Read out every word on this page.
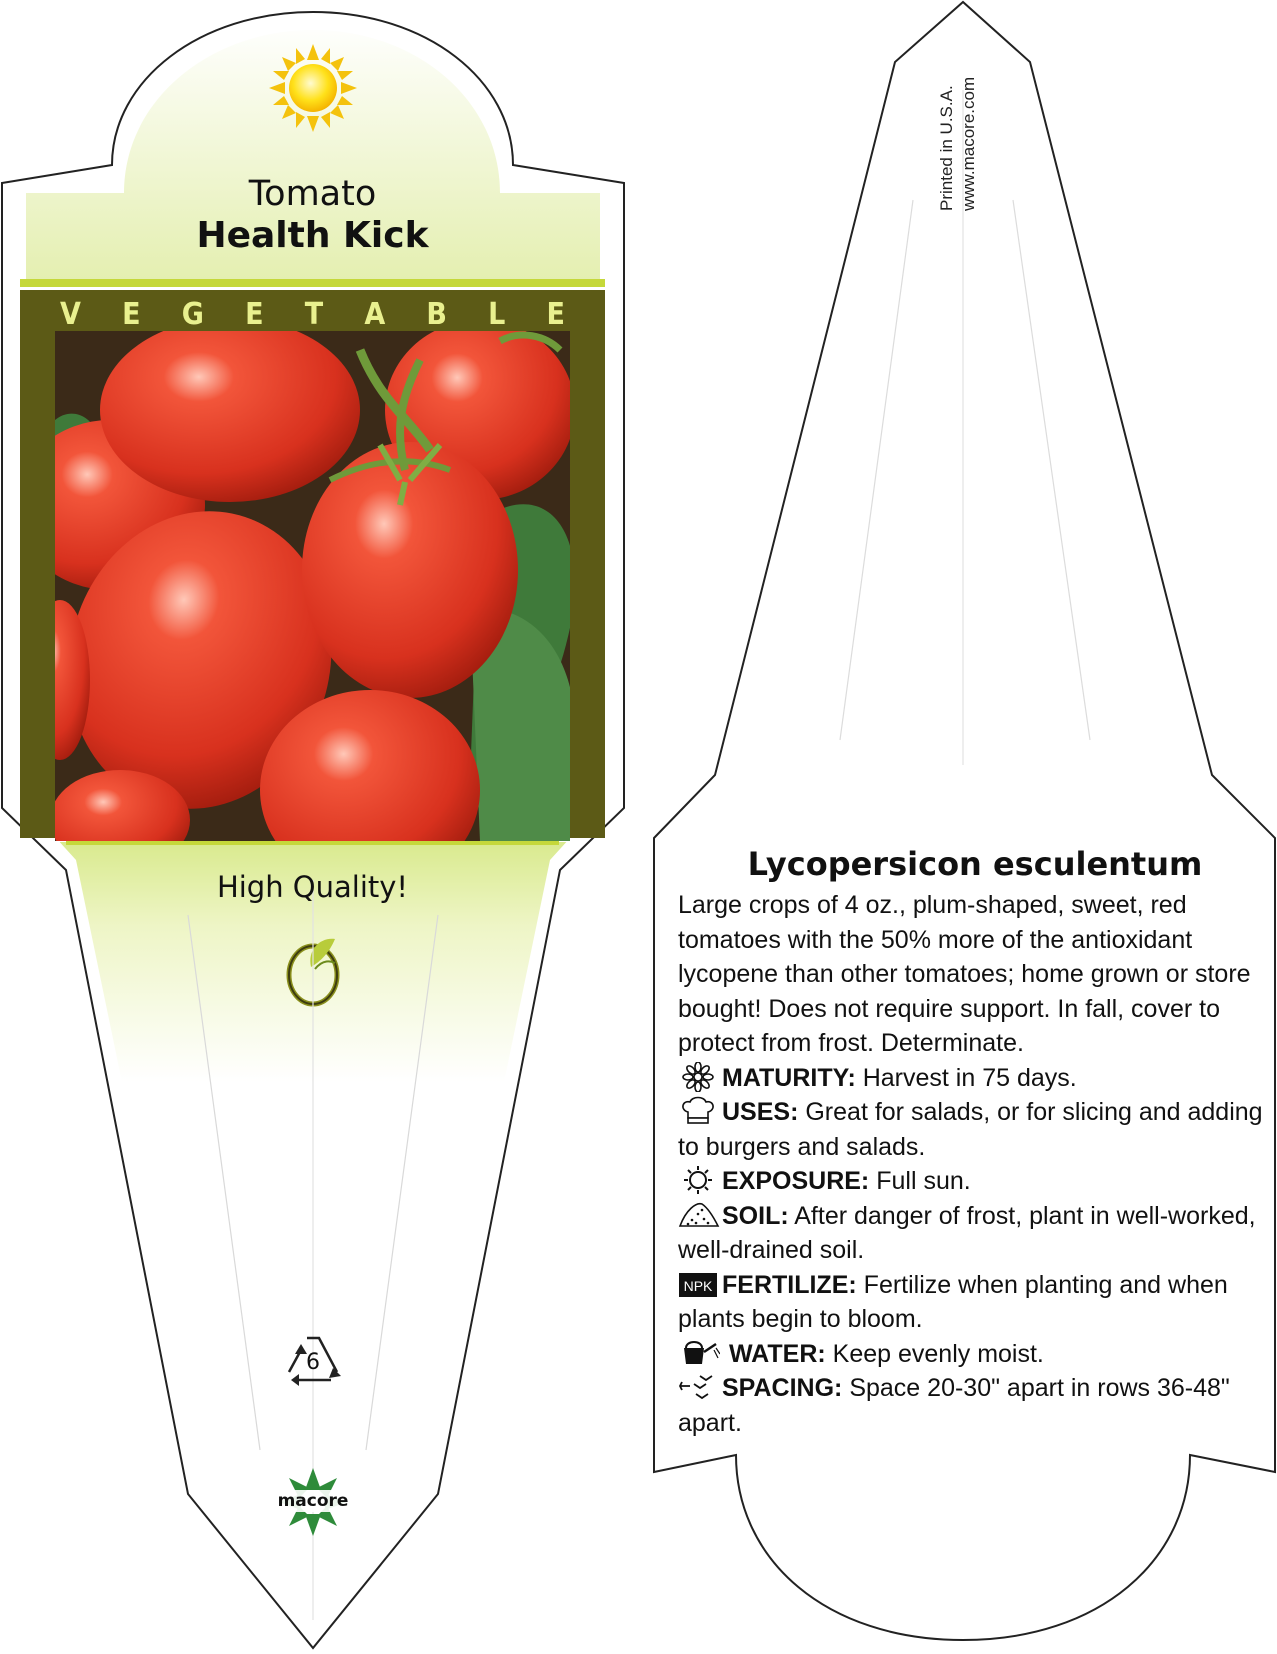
Tomato
Health Kick
V E G E T A B L E
High Quality!
6
macore
Printed in U.S.A. www.macore.com
Lycopersicon esculentum

Large crops of 4 oz., plum-shaped, sweet, red tomatoes with the 50% more of the antioxidant lycopene than other tomatoes; home grown or store bought! Does not require support. In fall, cover to protect from frost. Determinate.

MATURITY: Harvest in 75 days.

USES: Great for salads, or for slicing and adding to burgers and salads.

EXPOSURE: Full sun.

SOIL: After danger of frost, plant in well-worked, well-drained soil.

NPK FERTILIZE: Fertilize when planting and when plants begin to bloom.

WATER: Keep evenly moist.

SPACING: Space 20-30" apart in rows 36-48" apart.
